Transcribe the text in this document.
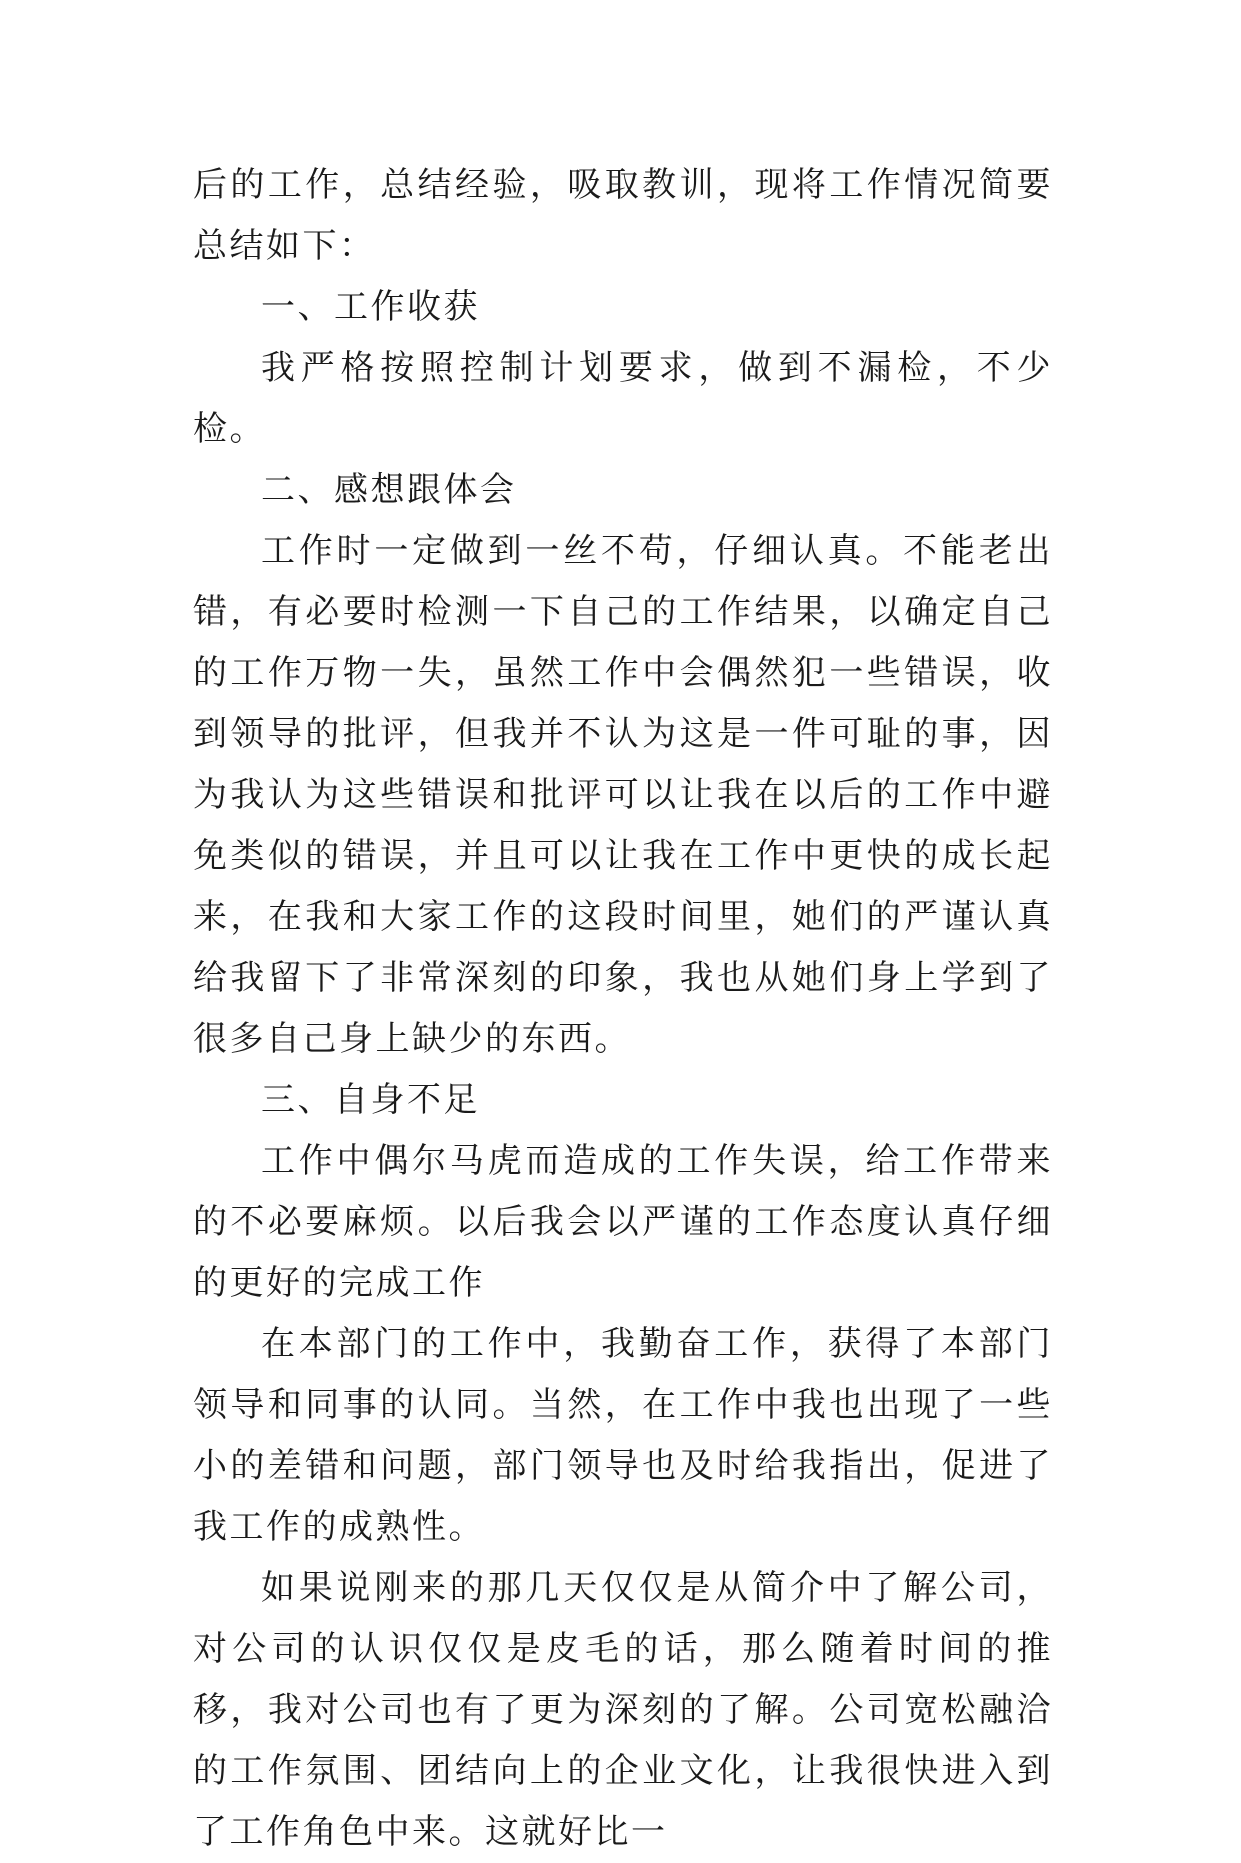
后的工作，总结经验，吸取教训，现将工作情况简要总结如下：

一、工作收获

我严格按照控制计划要求，做到不漏检，不少检。

二、感想跟体会

工作时一定做到一丝不苟，仔细认真。不能老出错，有必要时检测一下自己的工作结果，以确定自己的工作万物一失，虽然工作中会偶然犯一些错误，收到领导的批评，但我并不认为这是一件可耻的事，因为我认为这些错误和批评可以让我在以后的工作中避免类似的错误，并且可以让我在工作中更快的成长起来，在我和大家工作的这段时间里，她们的严谨认真给我留下了非常深刻的印象，我也从她们身上学到了很多自己身上缺少的东西。

三、自身不足

工作中偶尔马虎而造成的工作失误，给工作带来的不必要麻烦。以后我会以严谨的工作态度认真仔细的更好的完成工作

在本部门的工作中，我勤奋工作，获得了本部门领导和同事的认同。当然，在工作中我也出现了一些小的差错和问题，部门领导也及时给我指出，促进了我工作的成熟性。

如果说刚来的那几天仅仅是从简介中了解公司，对公司的认识仅仅是皮毛的话，那么随着时间的推移，我对公司也有了更为深刻的了解。公司宽松融洽的工作氛围、团结向上的企业文化，让我很快进入到了工作角色中来。这就好比一
